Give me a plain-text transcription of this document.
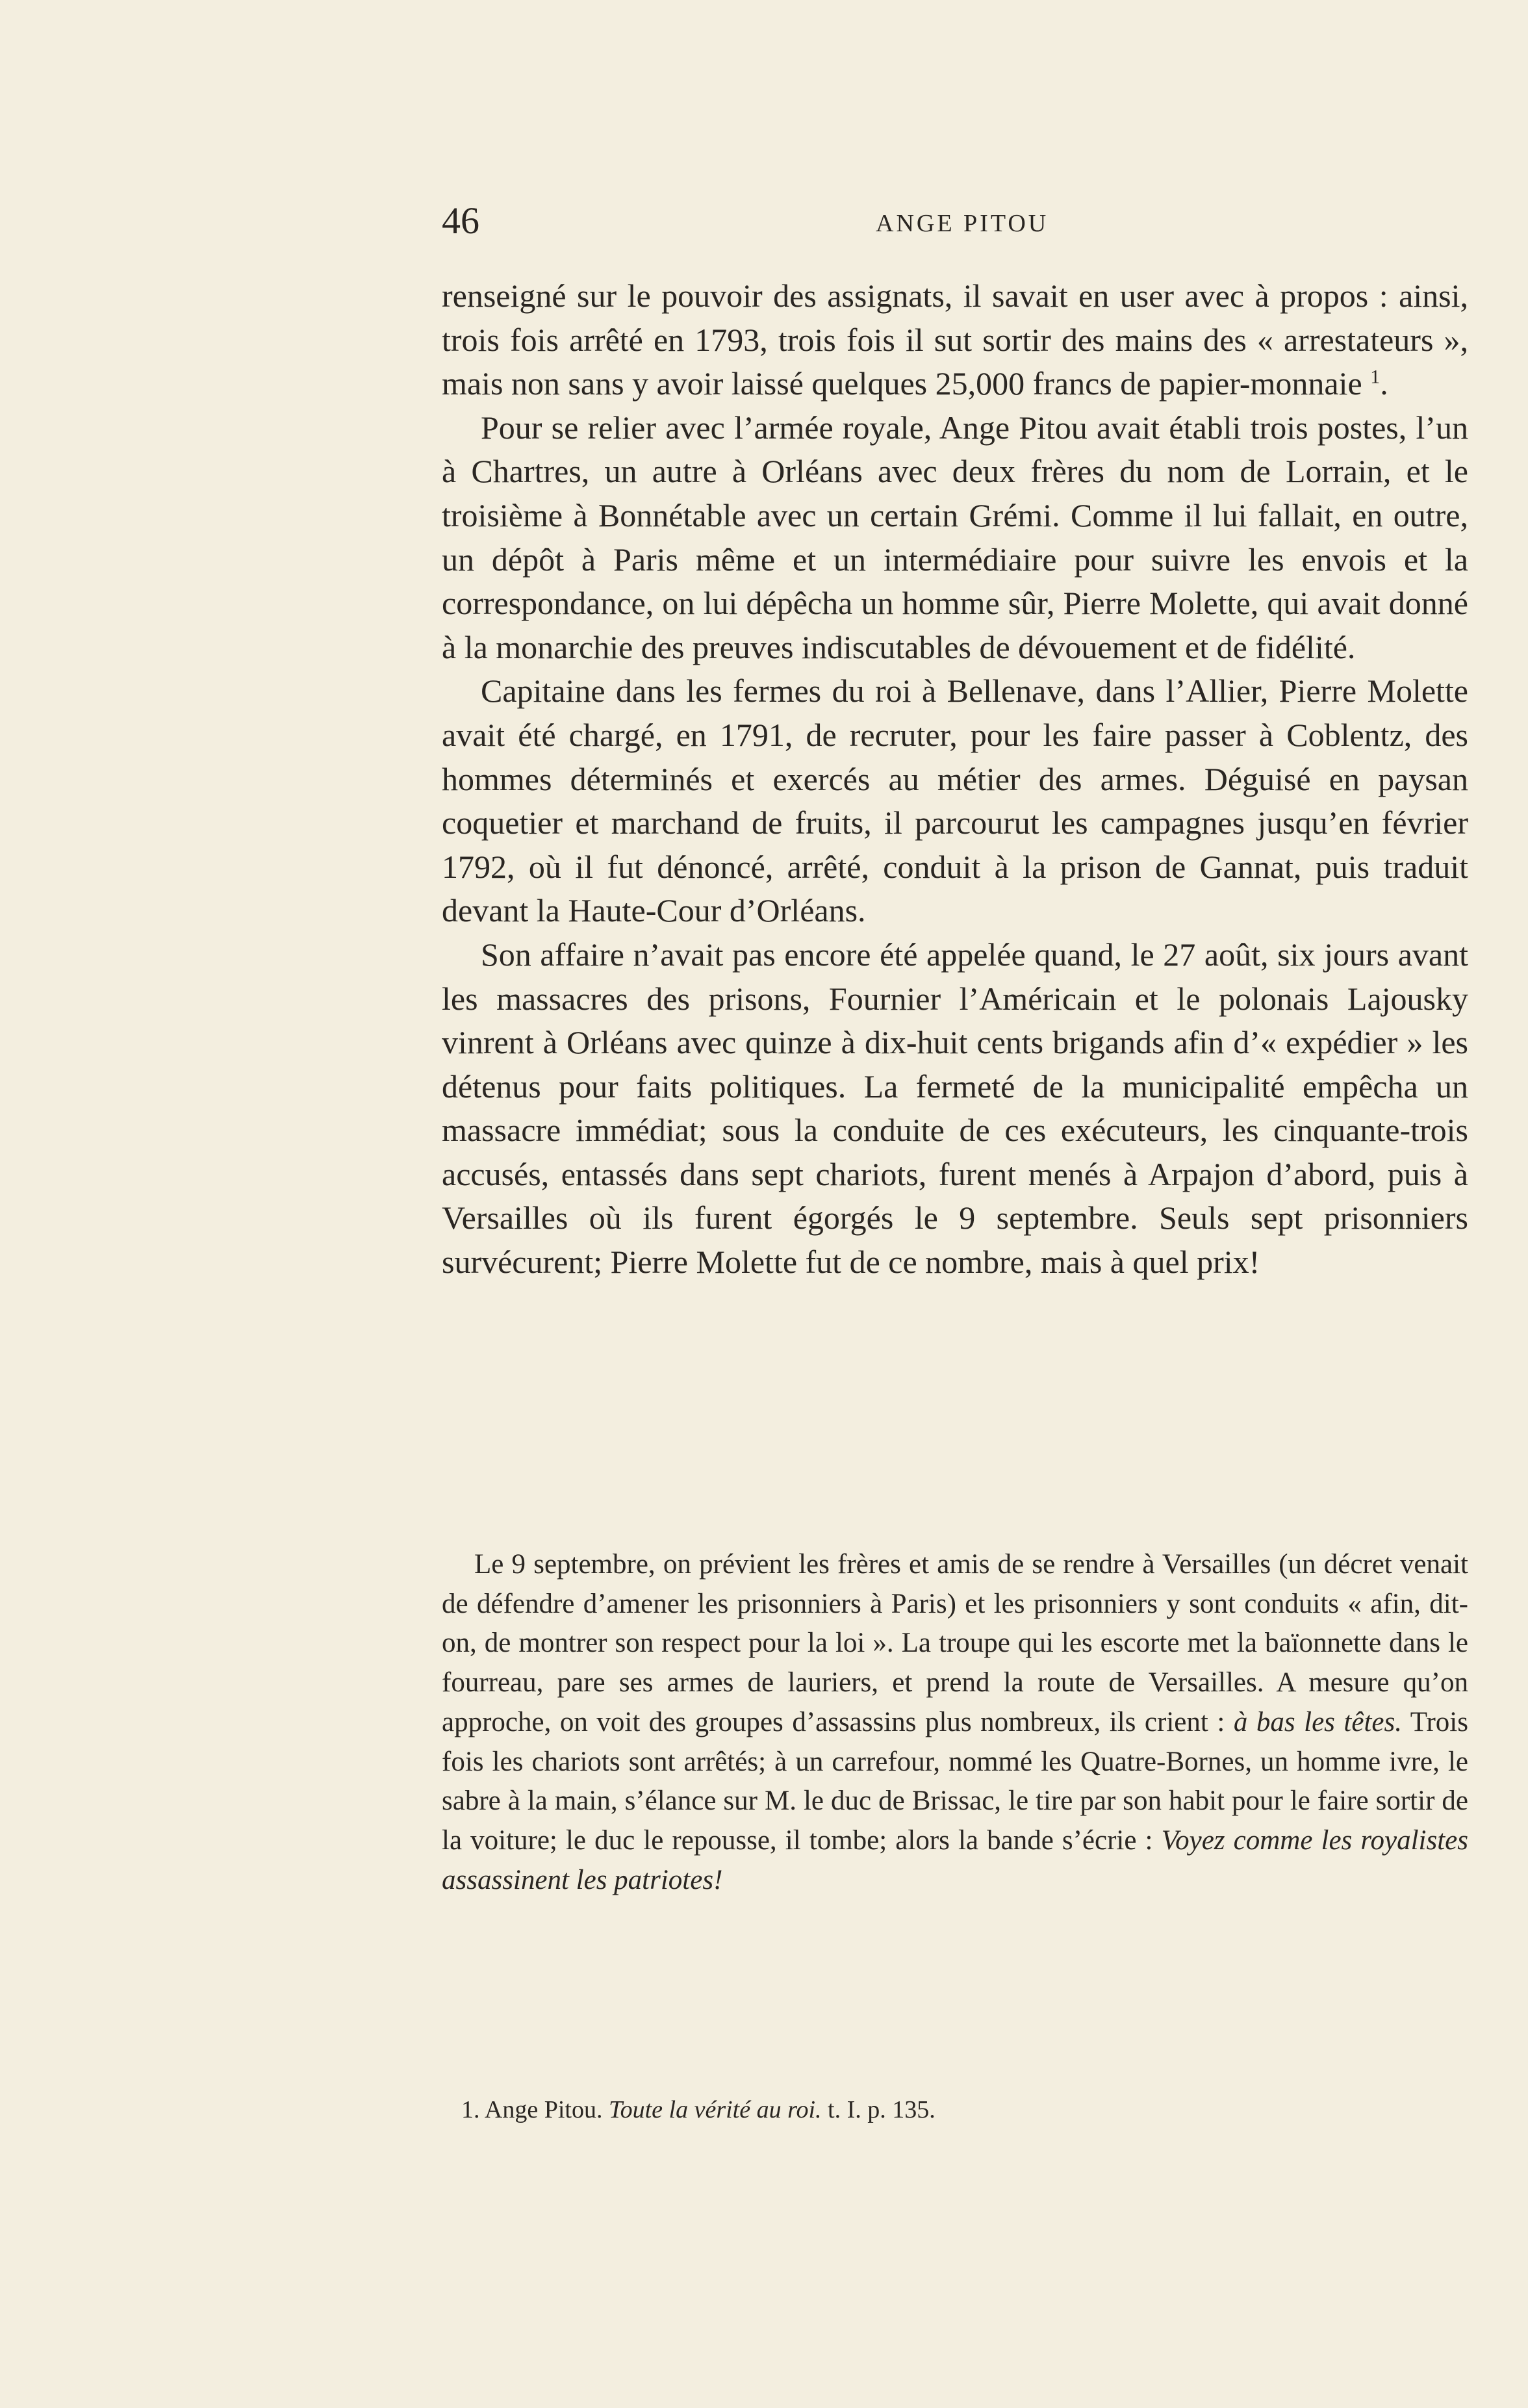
46	ANGE PITOU

renseigné sur le pouvoir des assignats, il savait en user avec à propos : ainsi, trois fois arrêté en 1793, trois fois il sut sortir des mains des « arrestateurs », mais non sans y avoir laissé quelques 25,000 francs de papier-monnaie $^1$.

Pour se relier avec l’armée royale, Ange Pitou avait établi trois postes, l’un à Chartres, un autre à Orléans avec deux frères du nom de Lorrain, et le troisième à Bonnétable avec un certain Grémi. Comme il lui fallait, en outre, un dépôt à Paris même et un intermédiaire pour suivre les envois et la correspondance, on lui dépêcha un homme sûr, Pierre Molette, qui avait donné à la monarchie des preuves indiscutables de dévouement et de fidélité.

Capitaine dans les fermes du roi à Bellenave, dans l’Allier, Pierre Molette avait été chargé, en 1791, de recruter, pour les faire passer à Coblentz, des hommes déterminés et exercés au métier des armes. Déguisé en paysan coquetier et marchand de fruits, il parcourut les campagnes jusqu’en février 1792, où il fut dénoncé, arrêté, conduit à la prison de Gannat, puis traduit devant la Haute-Cour d’Orléans.

Son affaire n’avait pas encore été appelée quand, le 27 août, six jours avant les massacres des prisons, Fournier l’Américain et le polonais Lajousky vinrent à Orléans avec quinze à dix-huit cents brigands afin d’« expédier » les détenus pour faits politiques. La fermeté de la municipalité empêcha un massacre immédiat; sous la conduite de ces exécuteurs, les cinquante-trois accusés, entassés dans sept chariots, furent menés à Arpajon d’abord, puis à Versailles où ils furent égorgés le 9 septembre. Seuls sept prisonniers survécurent; Pierre Molette fut de ce nombre, mais à quel prix!

Le 9 septembre, on prévient les frères et amis de se rendre à Versailles (un décret venait de défendre d’amener les prisonniers à Paris) et les prisonniers y sont conduits « afin, dit-on, de montrer son respect pour la loi ». La troupe qui les escorte met la baïonnette dans le fourreau, pare ses armes de lauriers, et prend la route de Versailles. A mesure qu’on approche, on voit des groupes d’assassins plus nombreux, ils crient : à bas les têtes. Trois fois les chariots sont arrêtés; à un carrefour, nommé les Quatre-Bornes, un homme ivre, le sabre à la main, s’élance sur M. le duc de Brissac, le tire par son habit pour le faire sortir de la voiture; le duc le repousse, il tombe; alors la bande s’écrie : Voyez comme les royalistes assassinent les patriotes!

1. Ange Pitou. Toute la vérité au roi. t. I. p. 135.
